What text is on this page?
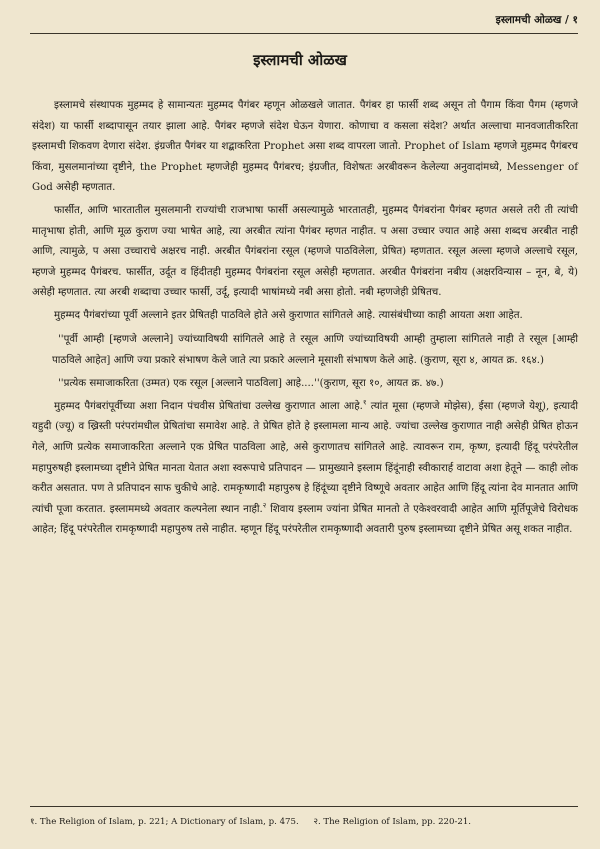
इस्लामची ओळख / १
इस्लामची ओळख

इस्लामचे संस्थापक मुहम्मद हे सामान्यतः मुहम्मद पैगंबर म्हणून ओळखले जातात. पैगंबर हा फार्सी शब्द असून तो पैगाम किंवा पैगम (म्हणजे संदेश) या फार्सी शब्दापासून तयार झाला आहे. पैगंबर म्हणजे संदेश घेऊन येणारा. कोणाचा व कसला संदेश? अर्थात अल्लाचा मानवजातीकरिता इस्लामची शिकवण देणारा संदेश. इंग्रजीत पैगंबर या शद्बाकरिता Prophet असा शब्द वापरला जातो. Prophet of Islam म्हणजे मुहम्मद पैगंबरच किंवा, मुसलमानांच्या दृष्टीने, the Prophet म्हणजेही मुहम्मद पैगंबरच; इंग्रजीत, विशेषतः अरबीवरून केलेल्या अनुवादांमध्ये, Messenger of God असेही म्हणतात.

फार्सीत, आणि भारतातील मुसलमानी राज्यांची राजभाषा फार्सी असल्यामुळे भारतातही, मुहम्मद पैगंबरांना पैगंबर म्हणत असले तरी ती त्यांची मातृभाषा होती, आणि मूळ कुराण ज्या भाषेत आहे, त्या अरबीत त्यांना पैगंबर म्हणत नाहीत. प असा उच्चार ज्यात आहे असा शब्दच अरबीत नाही आणि, त्यामुळे, प असा उच्चाराचे अक्षरच नाही. अरबीत पैगंबरांना रसूल (म्हणजे पाठविलेला, प्रेषित) म्हणतात. रसूल अल्ला म्हणजे अल्लाचे रसूल, म्हणजे मुहम्मद पैगंबरच. फार्सीत, उर्दूत व हिंदीतही मुहम्मद पैगंबरांना रसूल असेही म्हणतात. अरबीत पैगंबरांना नबीय (अक्षरविन्यास – नून, बे, ये) असेही म्हणतात. त्या अरबी शब्दाचा उच्चार फार्सी, उर्दू, इत्यादी भाषांमध्ये नबी असा होतो. नबी म्हणजेही प्रेषितच.

मुहम्मद पैगंबरांच्या पूर्वी अल्लाने इतर प्रेषितही पाठविले होते असे कुराणात सांगितले आहे. त्यासंबंधीच्या काही आयता अशा आहेत.

''पूर्वी आम्ही [म्हणजे अल्लाने] ज्यांच्याविषयी सांगितले आहे ते रसूल आणि ज्यांच्याविषयी आम्ही तुम्हाला सांगितले नाही ते रसूल [आम्ही पाठविले आहेत] आणि ज्या प्रकारे संभाषण केले जाते त्या प्रकारे अल्लाने मूसाशी संभाषण केले आहे. (कुराण, सूरा ४, आयत क्र. १६४.)

''प्रत्येक समाजाकरिता (उम्मत) एक रसूल [अल्लाने पाठविला] आहे....''(कुराण, सूरा १०, आयत क्र. ४७.)

मुहम्मद पैगंबरांपूर्वीच्या अशा निदान पंचवीस प्रेषितांचा उल्लेख कुराणात आला आहे.$^१$ त्यांत मूसा (म्हणजे मोझेस), ईसा (म्हणजे येशू), इत्यादी यहुदी (ज्यू) व ख्रिस्ती परंपरांमधील प्रेषितांचा समावेश आहे. ते प्रेषित होते हे इस्लामला मान्य आहे. ज्यांचा उल्लेख कुराणात नाही असेही प्रेषित होऊन गेले, आणि प्रत्येक समाजाकरिता अल्लाने एक प्रेषित पाठविला आहे, असे कुराणातच सांगितले आहे. त्यावरून राम, कृष्ण, इत्यादी हिंदू परंपरेतील महापुरुषही इस्लामच्या दृष्टीने प्रेषित मानता येतात अशा स्वरूपाचे प्रतिपादन — प्रामुख्याने इस्लाम हिंदूंनाही स्वीकारार्ह वाटावा अशा हेतूने — काही लोक करीत असतात. पण ते प्रतिपादन साफ चुकीचे आहे. रामकृष्णादी महापुरुष हे हिंदूंच्या दृष्टीने विष्णूचे अवतार आहेत आणि हिंदू त्यांना देव मानतात आणि त्यांची पूजा करतात. इस्लाममध्ये अवतार कल्पनेला स्थान नाही.$^२$ शिवाय इस्लाम ज्यांना प्रेषित मानतो ते एकेश्वरवादी आहेत आणि मूर्तिपूजेचे विरोधक आहेत; हिंदू परंपरेतील रामकृष्णादी महापुरुष तसे नाहीत. म्हणून हिंदू परंपरेतील रामकृष्णादी अवतारी पुरुष इस्लामच्या दृष्टीने प्रेषित असू शकत नाहीत.

१. The Religion of Islam, p. 221; A Dictionary of Islam, p. 475. २. The Religion of Islam, pp. 220-21.
